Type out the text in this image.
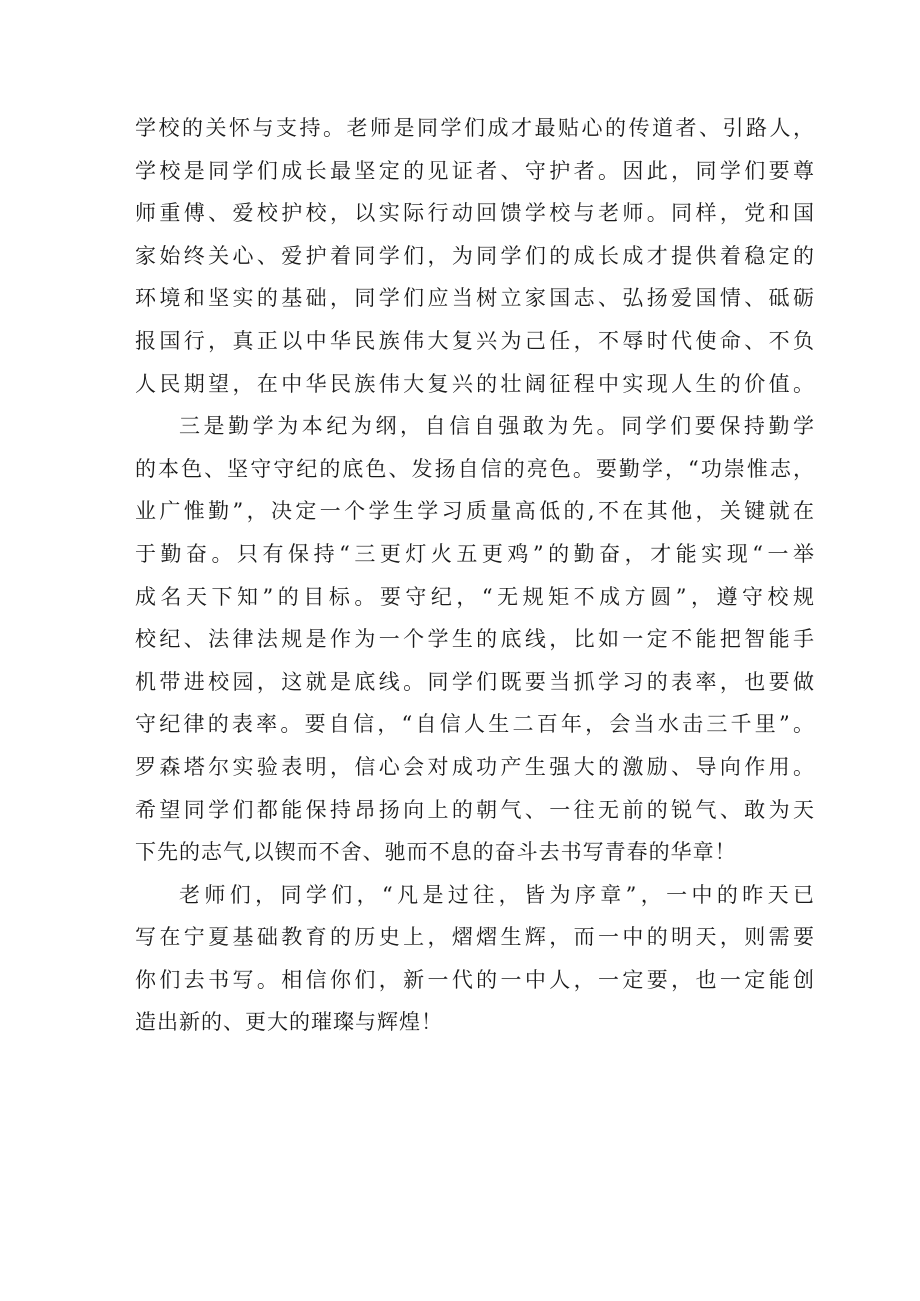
学校的关怀与支持。老师是同学们成才最贴心的传道者、引路人，
学校是同学们成长最坚定的见证者、守护者。因此，同学们要尊
师重傅、爱校护校，以实际行动回馈学校与老师。同样，党和国
家始终关心、爱护着同学们，为同学们的成长成才提供着稳定的
环境和坚实的基础，同学们应当树立家国志、弘扬爱国情、砥砺
报国行，真正以中华民族伟大复兴为己任，不辱时代使命、不负
人民期望，在中华民族伟大复兴的壮阔征程中实现人生的价值。
三是勤学为本纪为纲，自信自强敢为先。同学们要保持勤学
的本色、坚守守纪的底色、发扬自信的亮色。要勤学，“功崇惟志，
业广惟勤”，决定一个学生学习质量高低的,不在其他，关键就在
于勤奋。只有保持“三更灯火五更鸡”的勤奋，才能实现“一举
成名天下知”的目标。要守纪，“无规矩不成方圆”，遵守校规
校纪、法律法规是作为一个学生的底线，比如一定不能把智能手
机带进校园，这就是底线。同学们既要当抓学习的表率，也要做
守纪律的表率。要自信，“自信人生二百年，会当水击三千里”。
罗森塔尔实验表明，信心会对成功产生强大的激励、导向作用。
希望同学们都能保持昂扬向上的朝气、一往无前的锐气、敢为天
下先的志气,以锲而不舍、驰而不息的奋斗去书写青春的华章！
老师们，同学们，“凡是过往，皆为序章”，一中的昨天已
写在宁夏基础教育的历史上，熠熠生辉，而一中的明天，则需要
你们去书写。相信你们，新一代的一中人，一定要，也一定能创
造出新的、更大的璀璨与辉煌！
